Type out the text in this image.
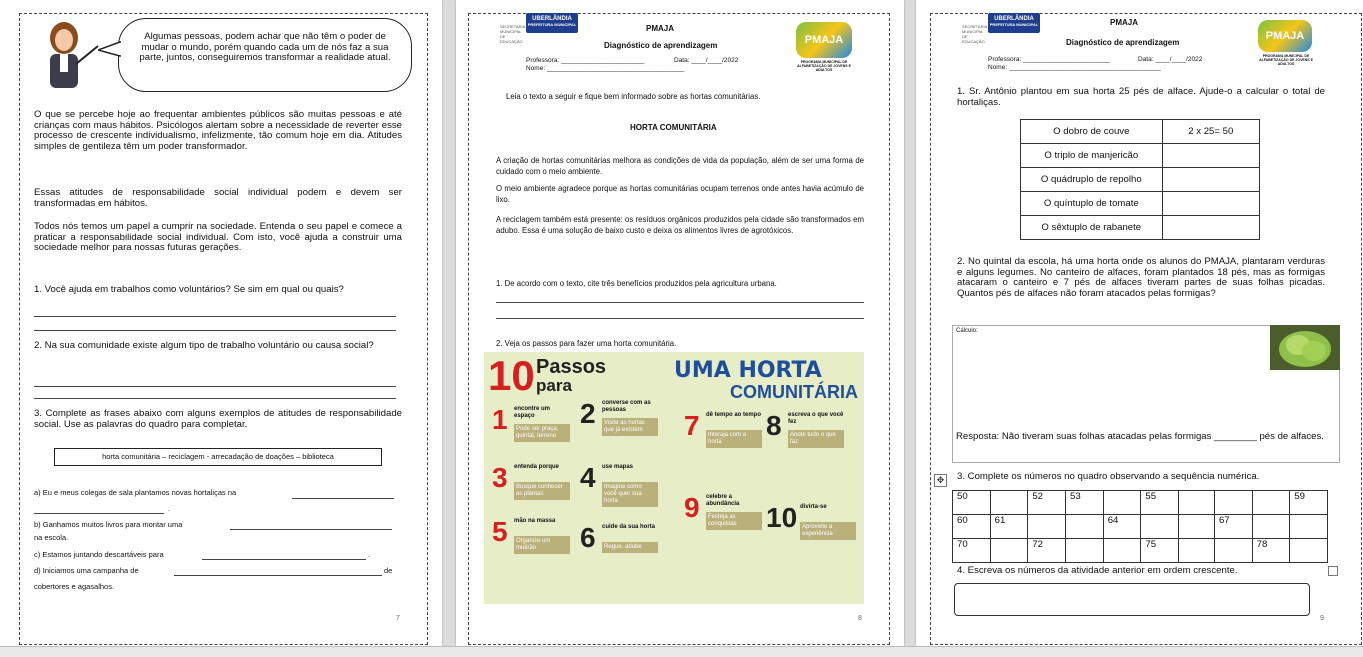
Algumas pessoas, podem achar que não têm o poder de mudar o mundo, porém quando cada um de nós faz a sua parte, juntos, conseguiremos transformar a realidade atual.
O que se percebe hoje ao frequentar ambientes públicos são muitas pessoas e até crianças com maus hábitos. Psicólogos alertam sobre a necessidade de reverter esse processo de crescente individualismo, infelizmente, tão comum hoje em dia. Atitudes simples de gentileza têm um poder transformador.
Essas atitudes de responsabilidade social individual podem e devem ser transformadas em hábitos.
Todos nós temos um papel a cumprir na sociedade. Entenda o seu papel e comece a praticar a responsabilidade social individual. Com isto, você ajuda a construir uma sociedade melhor para nossas futuras gerações.
1. Você ajuda em trabalhos como voluntários? Se sim em qual ou quais?
2. Na sua comunidade existe algum tipo de trabalho voluntário ou causa social?
3. Complete as frases abaixo com alguns exemplos de atitudes de responsabilidade social. Use as palavras do quadro para completar.
horta comunitária – reciclagem - arrecadação de doações – biblioteca
a) Eu e meus colegas de sala plantamos novas hortaliças na
.
b) Ganhamos muitos livros para montar uma
na escola.
c) Estamos juntando descartáveis para	.
d) Iniciamos uma campanha de	de
cobertores e agasalhos.
7
SECRETARIA MUNICIPAL DE EDUCAÇÃO
UBERLÂNDIA
PREFEITURA MUNICIPAL	PMAJA
Diagnóstico de aprendizagem
Professora: _______________________	Data: ____/____/2022
Nome: ______________________________________
PMAJA
PROGRAMA MUNICIPAL DE ALFABETIZAÇÃO DE JOVENS E ADULTOS
Leia o texto a seguir e fique bem informado sobre as hortas comunitárias.
HORTA COMUNITÁRIA
A criação de hortas comunitárias melhora as condições de vida da população, além de ser uma forma de cuidado com o meio ambiente.
O meio ambiente agradece porque as hortas comunitárias ocupam terrenos onde antes havia acúmulo de lixo.
A reciclagem também está presente: os resíduos orgânicos produzidos pela cidade são transformados em adubo. Essa é uma solução de baixo custo e deixa os alimentos livres de agrotóxicos.
1. De acordo com o texto, cite três benefícios produzidos pela agricultura urbana.
2. Veja os passos para fazer uma horta comunitária.
10 Passos
para
UMA HORTA
COMUNITÁRIA
1 encontre um espaço
Pode ser praça, quintal, terreno
2 converse com as pessoas
Visite as hortas que já existem
3 entenda porque
Busque conhecer as plantas
4 use mapas
Imagine como você quer sua horta
5 mão na massa
Organize um mutirão	6 cuide da sua horta
Regue, adube
7 dê tempo ao tempo
Interaja com a horta
8 escreva o que você fez
Anote tudo o que faz
9 celebre a abundância
Festeja as conquistas	10 divirta-se
Aproveite a experiência
8
UBERLÂNDIA
PREFEITURA MUNICIPAL
SECRETARIA MUNICIPAL DE EDUCAÇÃO
PMAJA
Diagnóstico de aprendizagem
Professora: ________________________	Data: ____/____/2022
Nome: __________________________________________
PMAJA
PROGRAMA MUNICIPAL DE ALFABETIZAÇÃO DE JOVENS E ADULTOS
1. Sr. Antônio plantou em sua horta 25 pés de alface. Ajude-o a calcular o total de hortaliças.
O dobro de couve	2 x 25= 50
O triplo de manjericão	
O quádruplo de repolho	
O quíntuplo de tomate	
O sêxtuplo de rabanete	
2. No quintal da escola, há uma horta onde os alunos do PMAJA, plantaram verduras e alguns legumes. No canteiro de alfaces, foram plantados 18 pés, mas as formigas atacaram o canteiro e 7 pés de alfaces tiveram partes de suas folhas picadas. Quantos pés de alfaces não foram atacados pelas formigas?
Cálculo:
Resposta: Não tiveram suas folhas atacadas pelas formigas ________ pés de alfaces.
✥ 3. Complete os números no quadro observando a sequência numérica.
50		52	53		55				59
60	61			64			67		
70		72			75			78	
4. Escreva os números da atividade anterior em ordem crescente.
9
